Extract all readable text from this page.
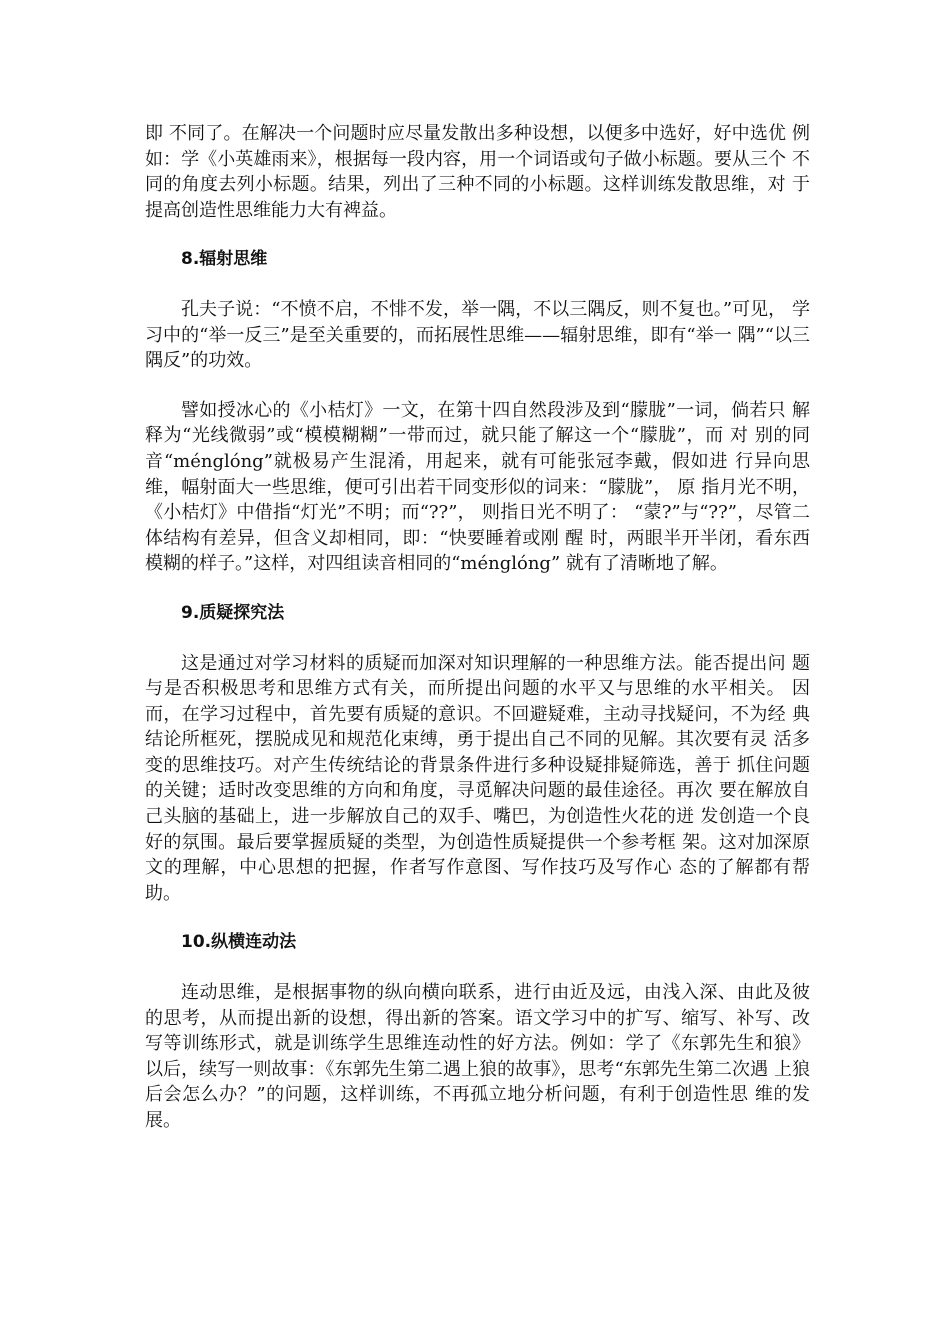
即 不同了。在解决一个问题时应尽量发散出多种设想，以便多中选好，好中选优 例如：学《小英雄雨来》，根据每一段内容，用一个词语或句子做小标题。要从三个 不同的角度去列小标题。结果，列出了三种不同的小标题。这样训练发散思维，对 于提高创造性思维能力大有裨益。

8.辐射思维

孔夫子说：“不愤不启，不悱不发，举一隅，不以三隅反，则不复也。”可见， 学习中的“举一反三”是至关重要的，而拓展性思维——辐射思维，即有“举一 隅”“以三隅反”的功效。

譬如授冰心的《小桔灯》一文，在第十四自然段涉及到“朦胧”一词，倘若只 解释为“光线微弱”或“模模糊糊”一带而过，就只能了解这一个“朦胧”，而 对 别的同音“ménglóng”就极易产生混淆，用起来，就有可能张冠李戴，假如进 行异向思维，幅射面大一些思维，便可引出若干同变形似的词来：“朦胧”， 原 指月光不明，《小桔灯》中借指“灯光”不明；而“??”， 则指日光不明了： “蒙?”与“??”，尽管二体结构有差异，但含义却相同，即：“快要睡着或刚 醒 时，两眼半开半闭，看东西模糊的样子。”这样，对四组读音相同的“ménglóng” 就有了清晰地了解。

9.质疑探究法

这是通过对学习材料的质疑而加深对知识理解的一种思维方法。能否提出问 题与是否积极思考和思维方式有关，而所提出问题的水平又与思维的水平相关。 因 而，在学习过程中，首先要有质疑的意识。不回避疑难，主动寻找疑问，不为经 典结论所框死，摆脱成见和规范化束缚，勇于提出自己不同的见解。其次要有灵 活多 变的思维技巧。对产生传统结论的背景条件进行多种设疑排疑筛选，善于 抓住问题的关键；适时改变思维的方向和角度，寻觅解决问题的最佳途径。再次 要在解放自 己头脑的基础上，进一步解放自己的双手、嘴巴，为创造性火花的迸 发创造一个良好的氛围。最后要掌握质疑的类型，为创造性质疑提供一个参考框 架。这对加深原 文的理解，中心思想的把握，作者写作意图、写作技巧及写作心 态的了解都有帮助。

10.纵横连动法

连动思维，是根据事物的纵向横向联系，进行由近及远，由浅入深、由此及彼 的思考，从而提出新的设想，得出新的答案。语文学习中的扩写、缩写、补写、改 写等训练形式，就是训练学生思维连动性的好方法。例如：学了《东郭先生和狼》 以后，续写一则故事：《东郭先生第二遇上狼的故事》，思考“东郭先生第二次遇 上狼后会怎么办？”的问题，这样训练，不再孤立地分析问题，有利于创造性思 维的发展。
